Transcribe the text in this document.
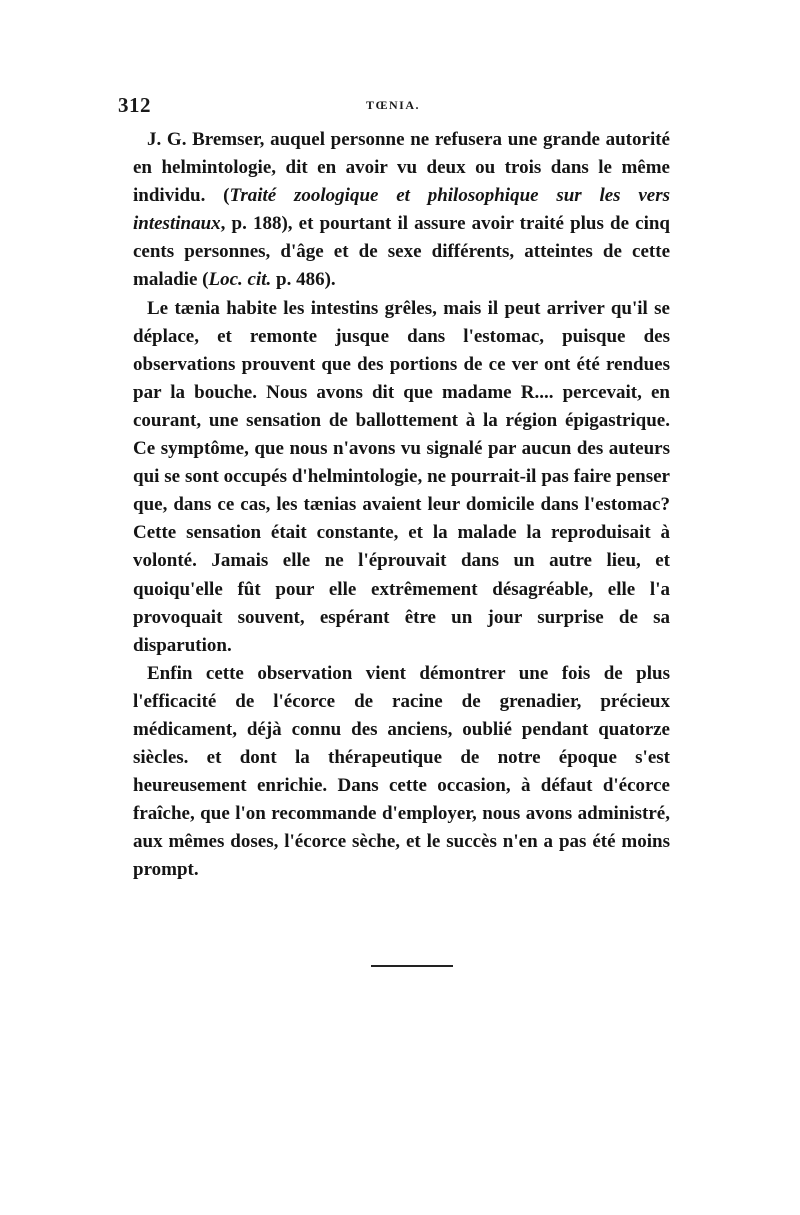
312	TŒNIA.

J. G. Bremser, auquel personne ne refusera une grande autorité en helmintologie, dit en avoir vu deux ou trois dans le même individu. (Traité zoologique et philosophique sur les vers intestinaux, p. 188), et pourtant il assure avoir traité plus de cinq cents personnes, d'âge et de sexe différents, atteintes de cette maladie (Loc. cit. p. 486).

Le tænia habite les intestins grêles, mais il peut arriver qu'il se déplace, et remonte jusque dans l'estomac, puisque des observations prouvent que des portions de ce ver ont été rendues par la bouche. Nous avons dit que madame R.... percevait, en courant, une sensation de ballottement à la région épigastrique. Ce symptôme, que nous n'avons vu signalé par aucun des auteurs qui se sont occupés d'helmintologie, ne pourrait-il pas faire penser que, dans ce cas, les tænias avaient leur domicile dans l'estomac? Cette sensation était constante, et la malade la reproduisait à volonté. Jamais elle ne l'éprouvait dans un autre lieu, et quoiqu'elle fût pour elle extrêmement désagréable, elle l'a provoquait souvent, espérant être un jour surprise de sa disparution.

Enfin cette observation vient démontrer une fois de plus l'efficacité de l'écorce de racine de grenadier, précieux médicament, déjà connu des anciens, oublié pendant quatorze siècles. et dont la thérapeutique de notre époque s'est heureusement enrichie. Dans cette occasion, à défaut d'écorce fraîche, que l'on recommande d'employer, nous avons administré, aux mêmes doses, l'écorce sèche, et le succès n'en a pas été moins prompt.
